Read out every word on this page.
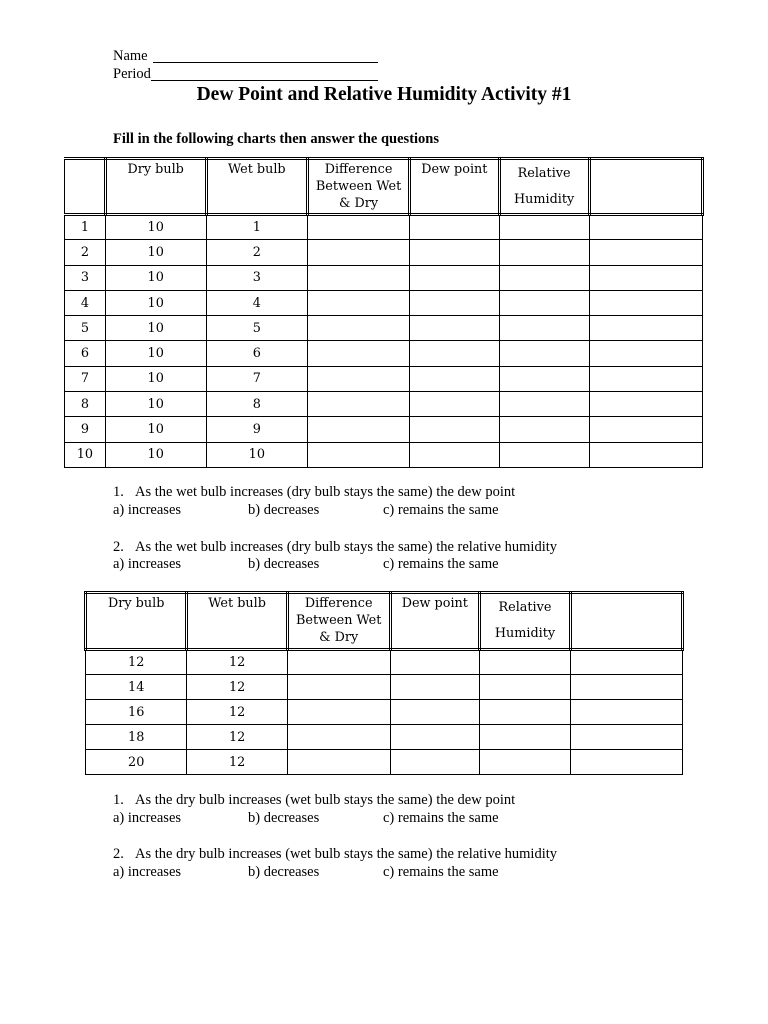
Name
Period
Dew Point and Relative Humidity Activity #1
Fill in the following charts then answer the questions
	Dry bulb	Wet bulb	Difference Between Wet & Dry	Dew point	Relative Humidity	

1	10	1				
2	10	2				
3	10	3				
4	10	4				
5	10	5				
6	10	6				
7	10	7				
8	10	8				
9	10	9				
10	10	10				
1. As the wet bulb increases (dry bulb stays the same) the dew point
a) increases	b) decreases	c) remains the same
2. As the wet bulb increases (dry bulb stays the same) the relative humidity
a) increases	b) decreases	c) remains the same
Dry bulb	Wet bulb	Difference Between Wet & Dry	Dew point	Relative Humidity	

12	12				
14	12				
16	12				
18	12				
20	12				
1. As the dry bulb increases (wet bulb stays the same) the dew point
a) increases	b) decreases	c) remains the same
2. As the dry bulb increases (wet bulb stays the same) the relative humidity
a) increases	b) decreases	c) remains the same
